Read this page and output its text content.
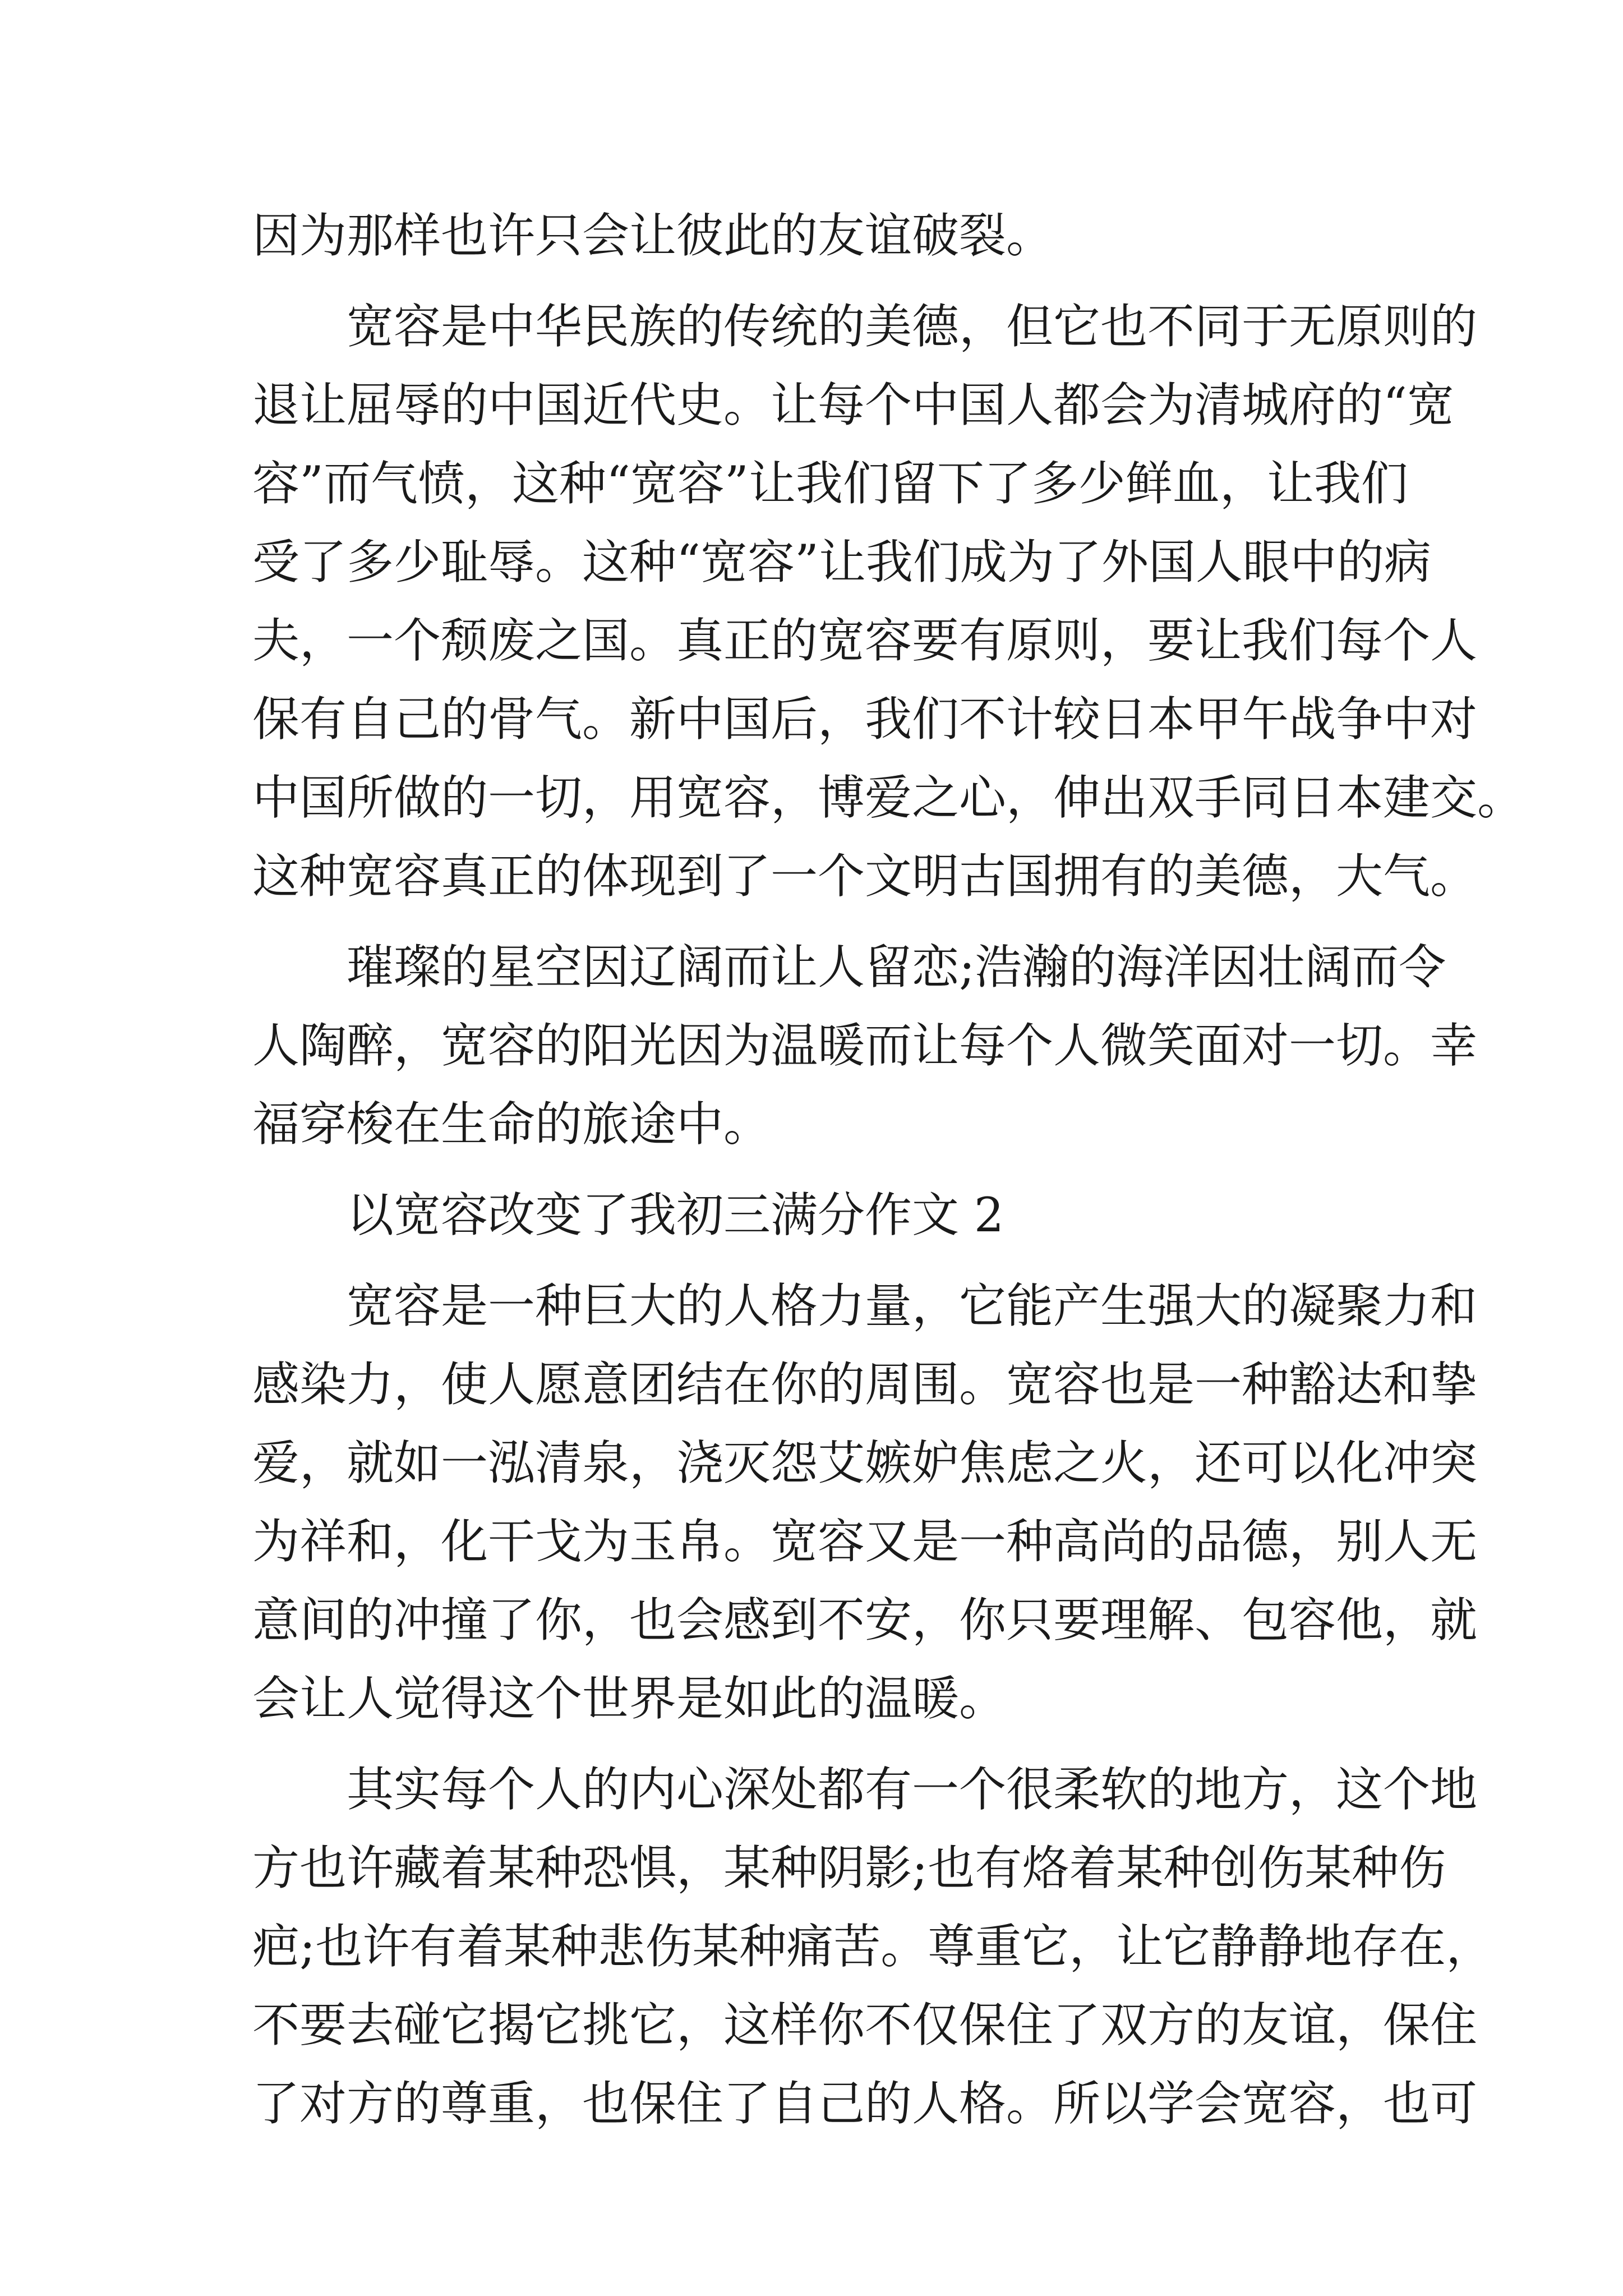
因为那样也许只会让彼此的友谊破裂。
宽容是中华民族的传统的美德，但它也不同于无原则的
退让屈辱的中国近代史。让每个中国人都会为清城府的“宽
容”而气愤，这种“宽容”让我们留下了多少鲜血，让我们
受了多少耻辱。这种“宽容”让我们成为了外国人眼中的病
夫，一个颓废之国。真正的宽容要有原则，要让我们每个人
保有自己的骨气。新中国后，我们不计较日本甲午战争中对
中国所做的一切，用宽容，博爱之心，伸出双手同日本建交。
这种宽容真正的体现到了一个文明古国拥有的美德，大气。
璀璨的星空因辽阔而让人留恋;浩瀚的海洋因壮阔而令
人陶醉，宽容的阳光因为温暖而让每个人微笑面对一切。幸
福穿梭在生命的旅途中。
以宽容改变了我初三满分作文 2
宽容是一种巨大的人格力量，它能产生强大的凝聚力和
感染力，使人愿意团结在你的周围。宽容也是一种豁达和挚
爱，就如一泓清泉，浇灭怨艾嫉妒焦虑之火，还可以化冲突
为祥和，化干戈为玉帛。宽容又是一种高尚的品德，别人无
意间的冲撞了你，也会感到不安，你只要理解、包容他，就
会让人觉得这个世界是如此的温暖。
其实每个人的内心深处都有一个很柔软的地方，这个地
方也许藏着某种恐惧，某种阴影;也有烙着某种创伤某种伤
疤;也许有着某种悲伤某种痛苦。尊重它，让它静静地存在，
不要去碰它揭它挑它，这样你不仅保住了双方的友谊，保住
了对方的尊重，也保住了自己的人格。所以学会宽容，也可
